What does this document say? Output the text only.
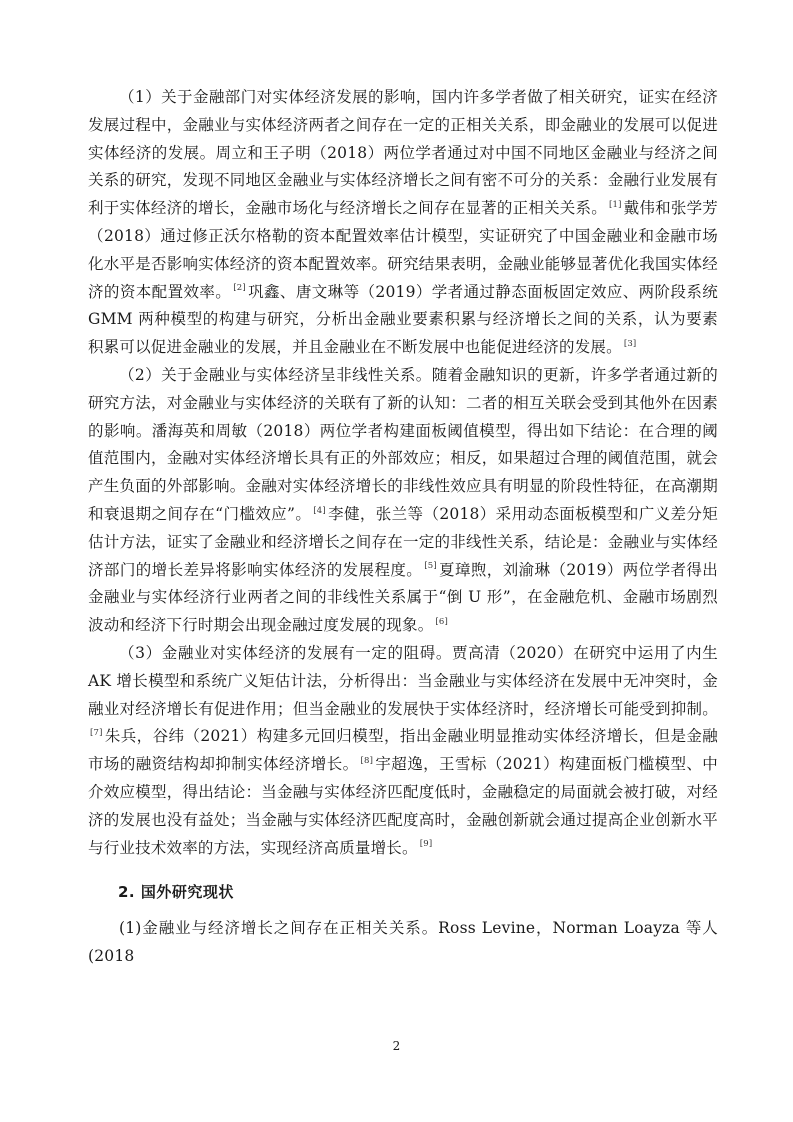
（1）关于金融部门对实体经济发展的影响，国内许多学者做了相关研究，证实在经济发展过程中，金融业与实体经济两者之间存在一定的正相关关系，即金融业的发展可以促进实体经济的发展。周立和王子明（2018）两位学者通过对中国不同地区金融业与经济之间关系的研究，发现不同地区金融业与实体经济增长之间有密不可分的关系：金融行业发展有利于实体经济的增长，金融市场化与经济增长之间存在显著的正相关关系。 [1] 戴伟和张学芳（2018）通过修正沃尔格勒的资本配置效率估计模型，实证研究了中国金融业和金融市场化水平是否影响实体经济的资本配置效率。研究结果表明，金融业能够显著优化我国实体经济的资本配置效率。 [2] 巩鑫、唐文琳等（2019）学者通过静态面板固定效应、两阶段系统 GMM 两种模型的构建与研究，分析出金融业要素积累与经济增长之间的关系，认为要素积累可以促进金融业的发展，并且金融业在不断发展中也能促进经济的发展。 [3]

（2）关于金融业与实体经济呈非线性关系。随着金融知识的更新，许多学者通过新的研究方法，对金融业与实体经济的关联有了新的认知：二者的相互关联会受到其他外在因素的影响。潘海英和周敏（2018）两位学者构建面板阈值模型，得出如下结论：在合理的阈值范围内，金融对实体经济增长具有正的外部效应；相反，如果超过合理的阈值范围，就会产生负面的外部影响。金融对实体经济增长的非线性效应具有明显的阶段性特征，在高潮期和衰退期之间存在“门槛效应”。 [4] 李健，张兰等（2018）采用动态面板模型和广义差分矩估计方法，证实了金融业和经济增长之间存在一定的非线性关系，结论是：金融业与实体经济部门的增长差异将影响实体经济的发展程度。 [5] 夏璋煦，刘渝琳（2019）两位学者得出金融业与实体经济行业两者之间的非线性关系属于“倒 U 形”，在金融危机、金融市场剧烈波动和经济下行时期会出现金融过度发展的现象。 [6]

（3）金融业对实体经济的发展有一定的阻碍。贾高清（2020）在研究中运用了内生 AK 增长模型和系统广义矩估计法，分析得出：当金融业与实体经济在发展中无冲突时，金融业对经济增长有促进作用；但当金融业的发展快于实体经济时，经济增长可能受到抑制。[7] 朱兵，谷纬（2021）构建多元回归模型，指出金融业明显推动实体经济增长，但是金融市场的融资结构却抑制实体经济增长。 [8] 宇超逸，王雪标（2021）构建面板门槛模型、中介效应模型，得出结论：当金融与实体经济匹配度低时，金融稳定的局面就会被打破，对经济的发展也没有益处；当金融与实体经济匹配度高时，金融创新就会通过提高企业创新水平与行业技术效率的方法，实现经济高质量增长。 [9]

2. 国外研究现状

(1)金融业与经济增长之间存在正相关关系。Ross Levine，Norman Loayza 等人(2018

2
